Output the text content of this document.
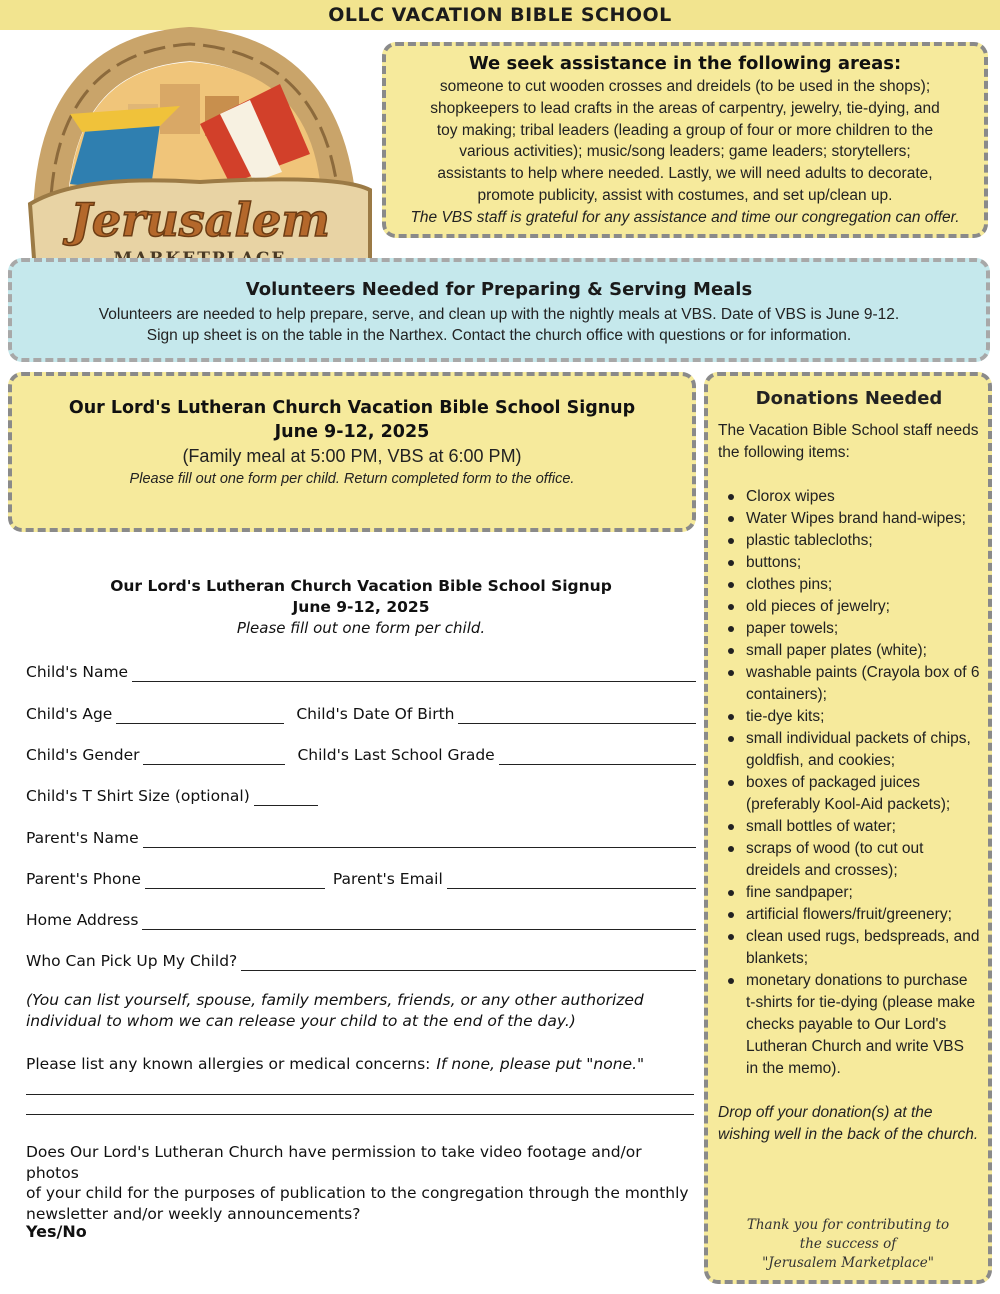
OLLC VACATION BIBLE SCHOOL
Jerusalem
We seek assistance in the following areas:

someone to cut wooden crosses and dreidels (to be used in the shops);

shopkeepers to lead crafts in the areas of carpentry, jewelry, tie-dying, and

toy making; tribal leaders (leading a group of four or more children to the

various activities); music/song leaders; game leaders; storytellers;

assistants to help where needed. Lastly, we will need adults to decorate,

promote publicity, assist with costumes, and set up/clean up.

The VBS staff is grateful for any assistance and time our congregation can offer.

Volunteers Needed for Preparing & Serving Meals

Volunteers are needed to help prepare, serve, and clean up with the nightly meals at VBS. Date of VBS is June 9-12.

Sign up sheet is on the table in the Narthex. Contact the church office with questions or for information.

Our Lord's Lutheran Church Vacation Bible School Signup
June 9-12, 2025

(Family meal at 5:00 PM, VBS at 6:00 PM)

Please fill out one form per child. Return completed form to the office.

Donations Needed

The Vacation Bible School staff needs the following items:

Clorox wipes
Water Wipes brand hand-wipes;
plastic tablecloths;
buttons;
clothes pins;
old pieces of jewelry;
paper towels;
small paper plates (white);
washable paints (Crayola box of 6 containers);
tie-dye kits;
small individual packets of chips, goldfish, and cookies;
boxes of packaged juices (preferably Kool-Aid packets);
small bottles of water;
scraps of wood (to cut out dreidels and crosses);
fine sandpaper;
artificial flowers/fruit/greenery;
clean used rugs, bedspreads, and blankets;
monetary donations to purchase t-shirts for tie-dying (please make checks payable to Our Lord's Lutheran Church and write VBS in the memo).

Drop off your donation(s) at the wishing well in the back of the church.

Thank you for contributing to
the success of
"Jerusalem Marketplace"
Our Lord's Lutheran Church Vacation Bible School Signup
June 9-12, 2025
Please fill out one form per child.
Child's Name
Child's Age	Child's Date Of Birth
Child's Gender	Child's Last School Grade
Child's T Shirt Size (optional)
Parent's Name
Parent's Phone	Parent's Email
Home Address
Who Can Pick Up My Child?
(You can list yourself, spouse, family members, friends, or any other authorized
individual to whom we can release your child to at the end of the day.)
Please list any known allergies or medical concerns: If none, please put "none."
Does Our Lord's Lutheran Church have permission to take video footage and/or photos
of your child for the purposes of publication to the congregation through the monthly
newsletter and/or weekly announcements?
Yes/No
